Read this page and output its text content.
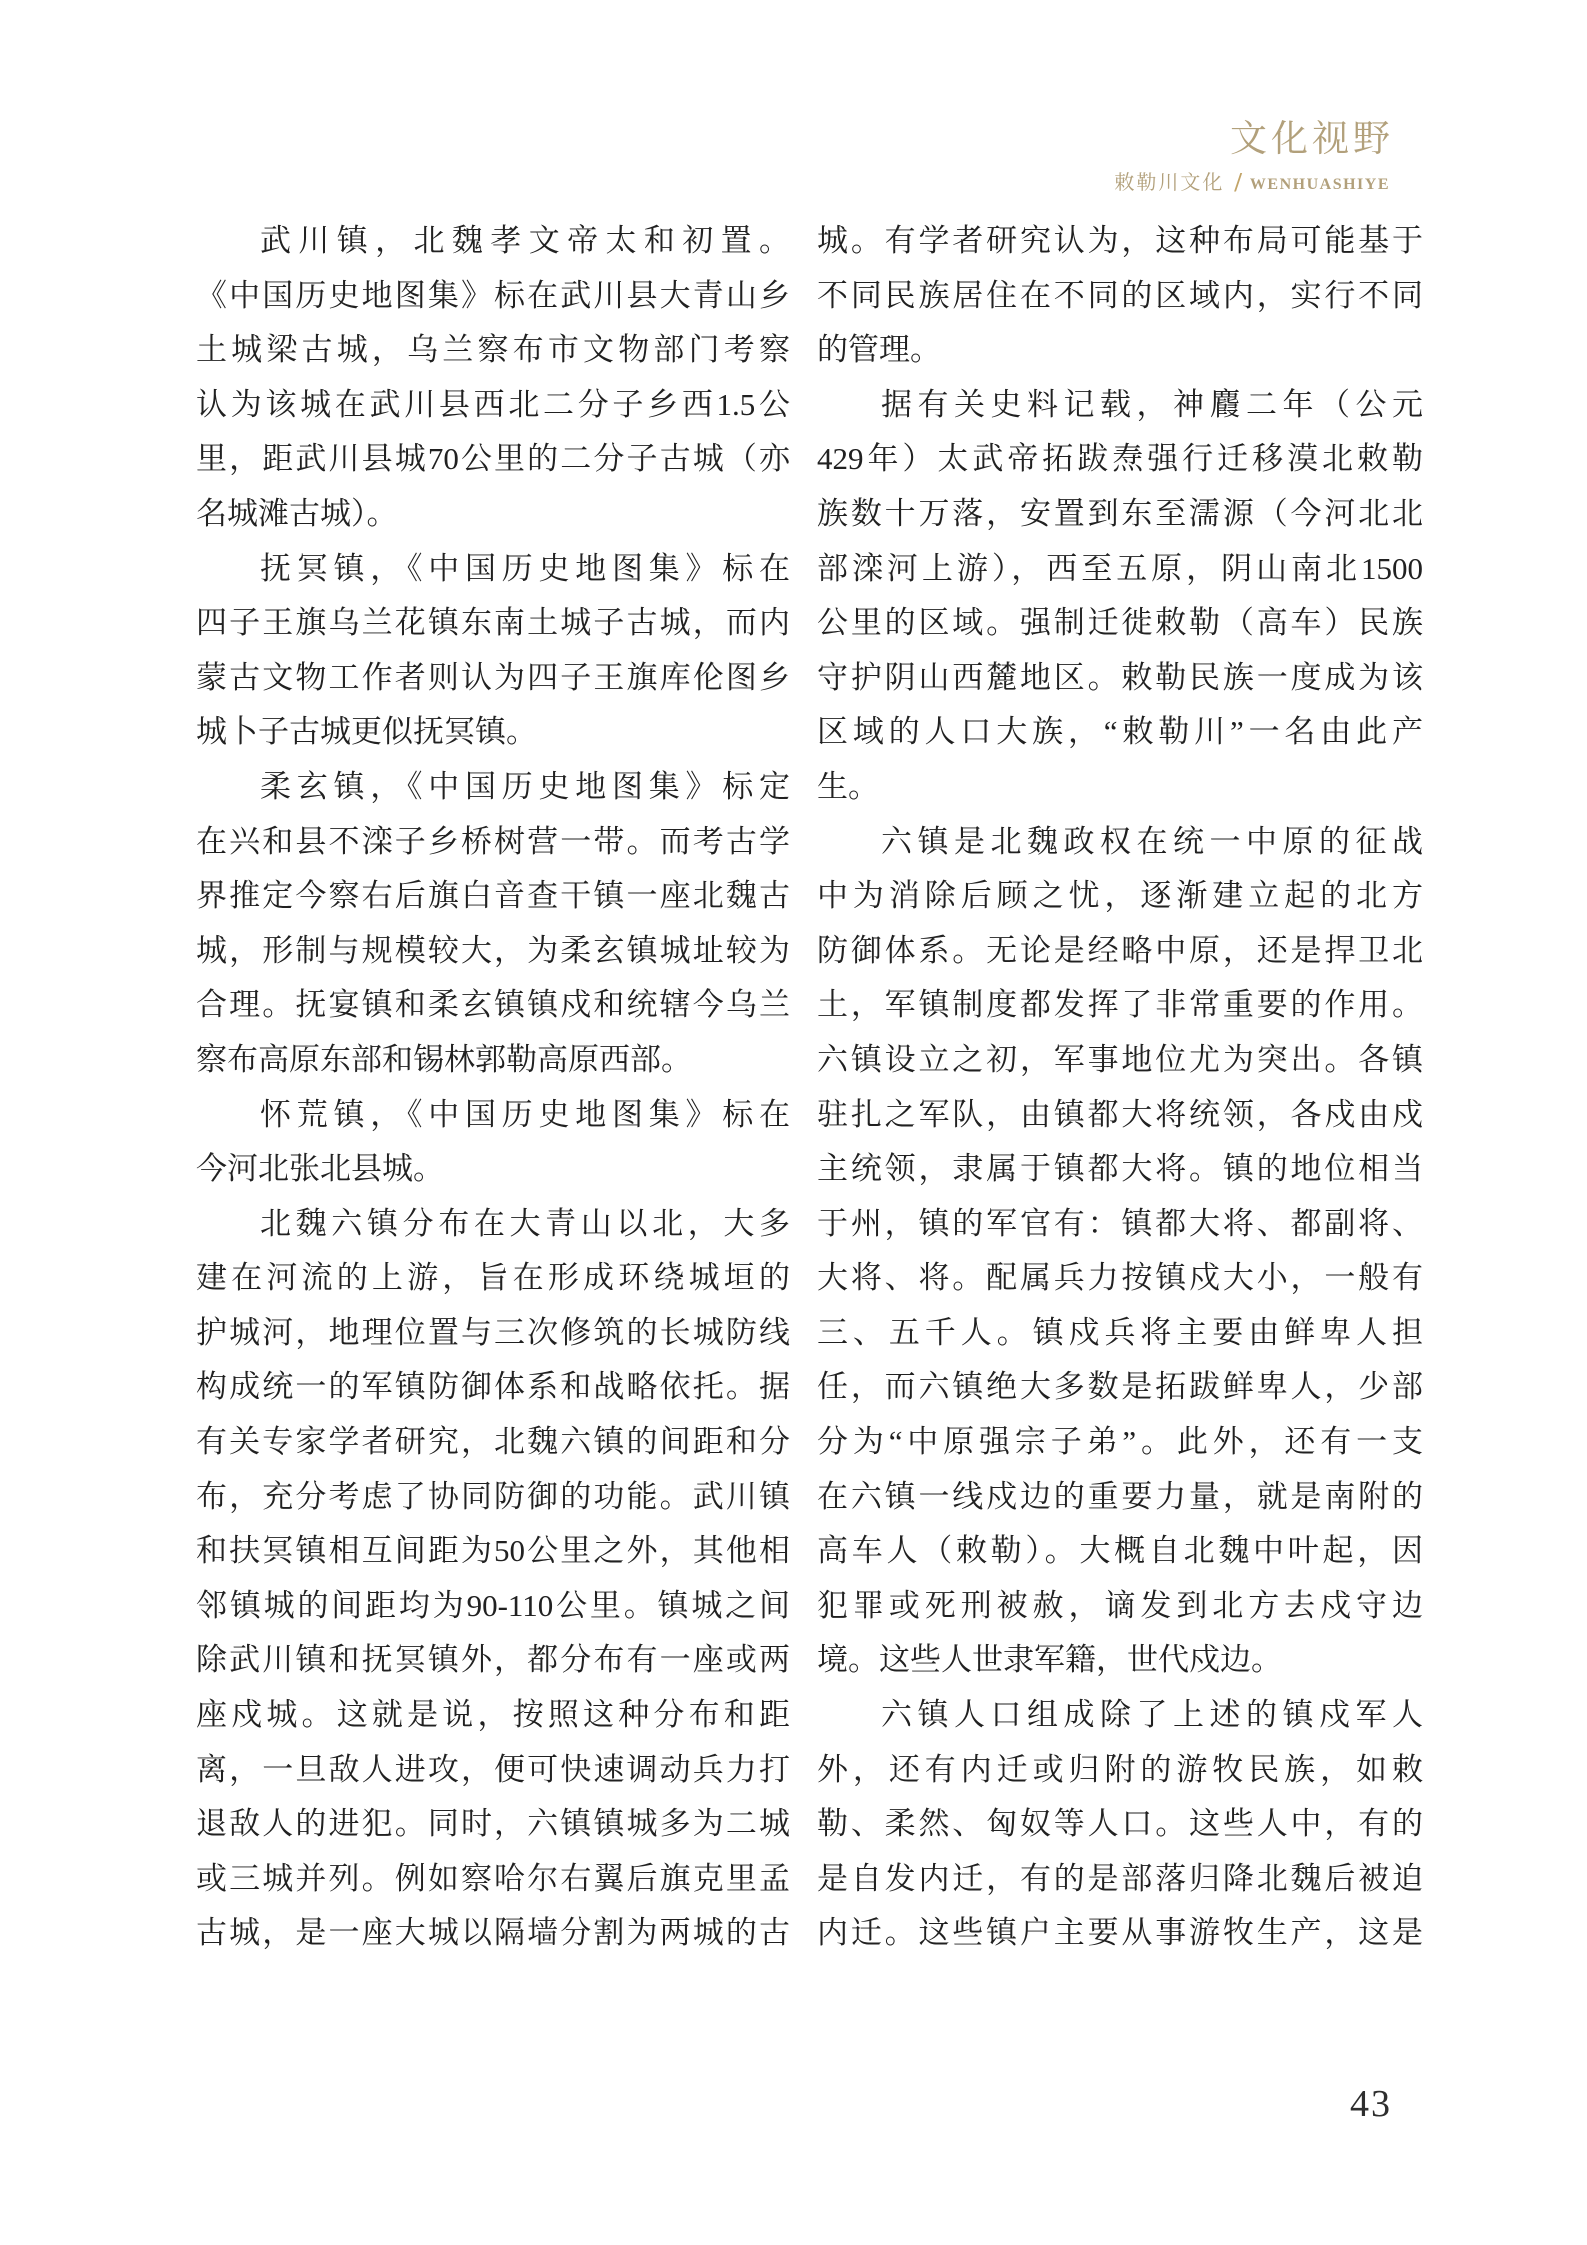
文化视野
敕勒川文化 / WENHUASHIYE
武川镇，北魏孝文帝太和初置。
《中国历史地图集》标在武川县大青山乡
土城梁古城，乌兰察布市文物部门考察
认为该城在武川县西北二分子乡西1.5公
里，距武川县城70公里的二分子古城（亦
名城滩古城）。
抚冥镇，《中国历史地图集》标在
四子王旗乌兰花镇东南土城子古城，而内
蒙古文物工作者则认为四子王旗库伦图乡
城卜子古城更似抚冥镇。
柔玄镇，《中国历史地图集》标定
在兴和县不滦子乡桥树营一带。而考古学
界推定今察右后旗白音查干镇一座北魏古
城，形制与规模较大，为柔玄镇城址较为
合理。抚宴镇和柔玄镇镇戍和统辖今乌兰
察布高原东部和锡林郭勒高原西部。
怀荒镇，《中国历史地图集》标在
今河北张北县城。
北魏六镇分布在大青山以北，大多
建在河流的上游，旨在形成环绕城垣的
护城河，地理位置与三次修筑的长城防线
构成统一的军镇防御体系和战略依托。据
有关专家学者研究，北魏六镇的间距和分
布，充分考虑了协同防御的功能。武川镇
和扶冥镇相互间距为50公里之外，其他相
邻镇城的间距均为90-110公里。镇城之间
除武川镇和抚冥镇外，都分布有一座或两
座戍城。这就是说，按照这种分布和距
离，一旦敌人进攻，便可快速调动兵力打
退敌人的进犯。同时，六镇镇城多为二城
或三城并列。例如察哈尔右翼后旗克里孟
古城，是一座大城以隔墙分割为两城的古
城。有学者研究认为，这种布局可能基于
不同民族居住在不同的区域内，实行不同
的管理。
据有关史料记载，神麚二年（公元
429年）太武帝拓跋焘强行迁移漠北敕勒
族数十万落，安置到东至濡源（今河北北
部滦河上游），西至五原，阴山南北1500
公里的区域。强制迁徙敕勒（高车）民族
守护阴山西麓地区。敕勒民族一度成为该
区域的人口大族，“敕勒川”一名由此产
生。
六镇是北魏政权在统一中原的征战
中为消除后顾之忧，逐渐建立起的北方
防御体系。无论是经略中原，还是捍卫北
土，军镇制度都发挥了非常重要的作用。
六镇设立之初，军事地位尤为突出。各镇
驻扎之军队，由镇都大将统领，各戍由戍
主统领，隶属于镇都大将。镇的地位相当
于州，镇的军官有：镇都大将、都副将、
大将、将。配属兵力按镇戍大小，一般有
三、五千人。镇戍兵将主要由鲜卑人担
任，而六镇绝大多数是拓跋鲜卑人，少部
分为“中原强宗子弟”。此外，还有一支
在六镇一线戍边的重要力量，就是南附的
高车人（敕勒）。大概自北魏中叶起，因
犯罪或死刑被赦，谪发到北方去戍守边
境。这些人世隶军籍，世代戍边。
六镇人口组成除了上述的镇戍军人
外，还有内迁或归附的游牧民族，如敕
勒、柔然、匈奴等人口。这些人中，有的
是自发内迁，有的是部落归降北魏后被迫
内迁。这些镇户主要从事游牧生产，这是
43
